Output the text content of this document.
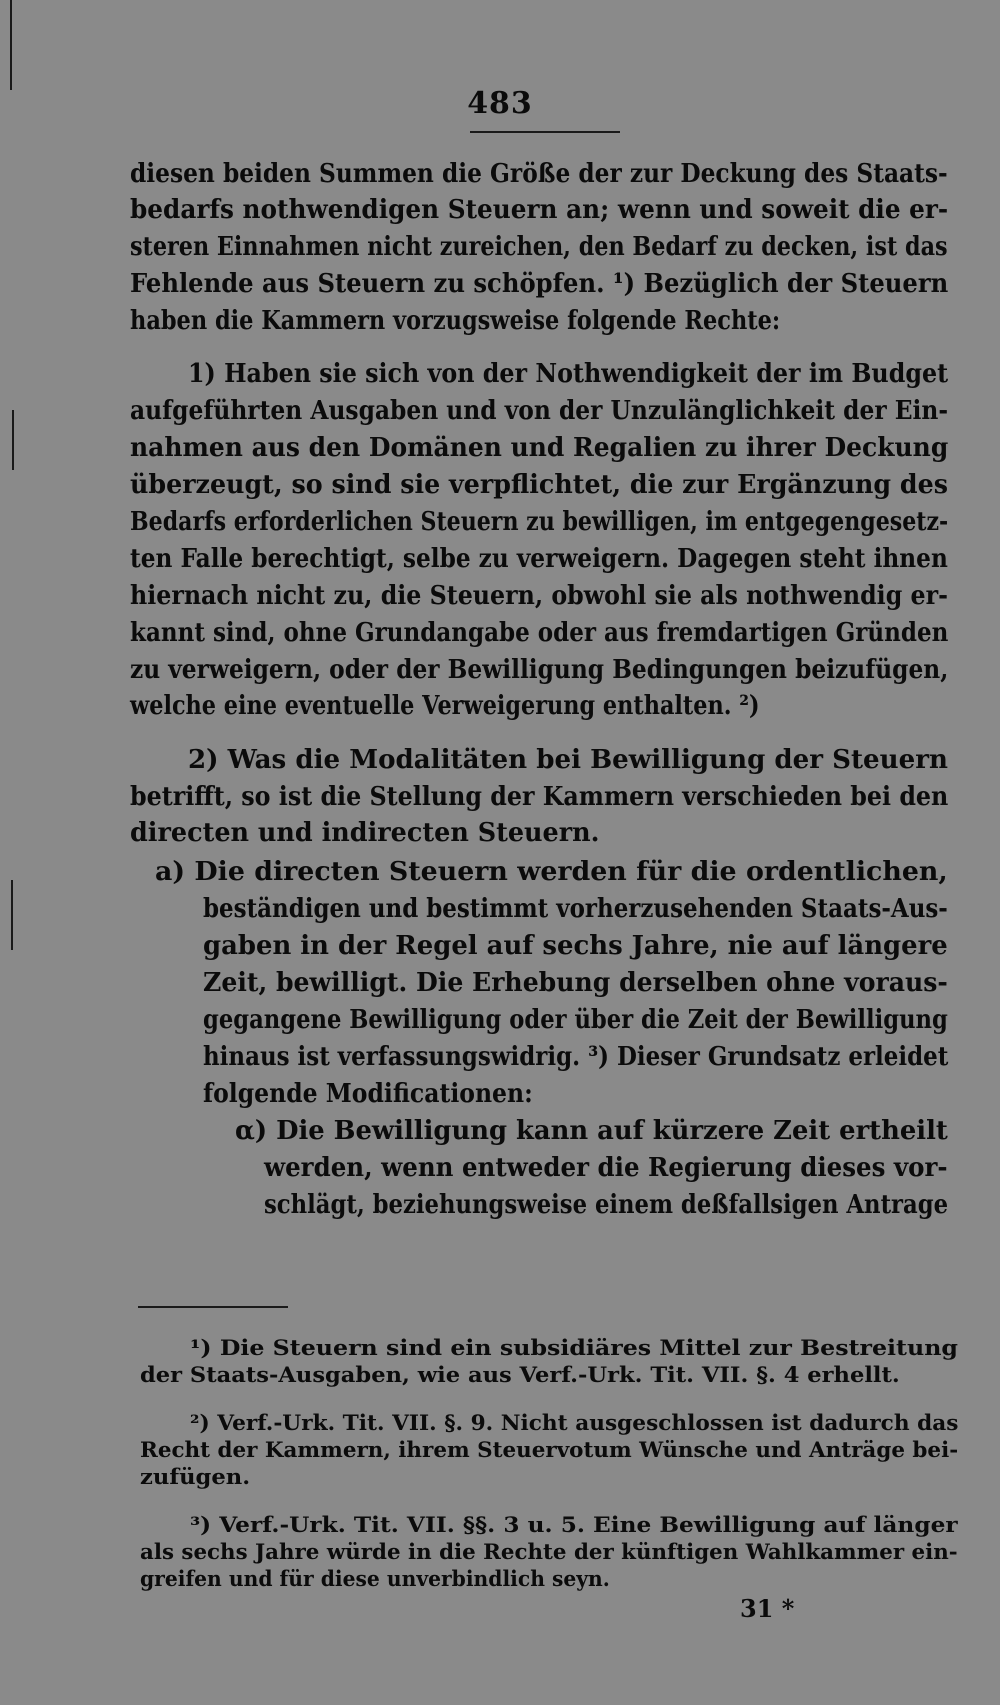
483
diesen beiden Summen die Größe der zur Deckung des Staats-
bedarfs nothwendigen Steuern an; wenn und soweit die er-
steren Einnahmen nicht zureichen, den Bedarf zu decken, ist das
Fehlende aus Steuern zu schöpfen. ¹) Bezüglich der Steuern
haben die Kammern vorzugsweise folgende Rechte:
1) Haben sie sich von der Nothwendigkeit der im Budget
aufgeführten Ausgaben und von der Unzulänglichkeit der Ein-
nahmen aus den Domänen und Regalien zu ihrer Deckung
überzeugt, so sind sie verpflichtet, die zur Ergänzung des
Bedarfs erforderlichen Steuern zu bewilligen, im entgegengesetz-
ten Falle berechtigt, selbe zu verweigern. Dagegen steht ihnen
hiernach nicht zu, die Steuern, obwohl sie als nothwendig er-
kannt sind, ohne Grundangabe oder aus fremdartigen Gründen
zu verweigern, oder der Bewilligung Bedingungen beizufügen,
welche eine eventuelle Verweigerung enthalten. ²)
2) Was die Modalitäten bei Bewilligung der Steuern
betrifft, so ist die Stellung der Kammern verschieden bei den
directen und indirecten Steuern.
a) Die directen Steuern werden für die ordentlichen,
beständigen und bestimmt vorherzusehenden Staats-Aus-
gaben in der Regel auf sechs Jahre, nie auf längere
Zeit, bewilligt. Die Erhebung derselben ohne voraus-
gegangene Bewilligung oder über die Zeit der Bewilligung
hinaus ist verfassungswidrig. ³) Dieser Grundsatz erleidet
folgende Modificationen:
α) Die Bewilligung kann auf kürzere Zeit ertheilt
werden, wenn entweder die Regierung dieses vor-
schlägt, beziehungsweise einem deßfallsigen Antrage
¹) Die Steuern sind ein subsidiäres Mittel zur Bestreitung
der Staats-Ausgaben, wie aus Verf.-Urk. Tit. VII. §. 4 erhellt.
²) Verf.-Urk. Tit. VII. §. 9. Nicht ausgeschlossen ist dadurch das
Recht der Kammern, ihrem Steuervotum Wünsche und Anträge bei-
zufügen.
³) Verf.-Urk. Tit. VII. §§. 3 u. 5. Eine Bewilligung auf länger
als sechs Jahre würde in die Rechte der künftigen Wahlkammer ein-
greifen und für diese unverbindlich seyn.
31 *
